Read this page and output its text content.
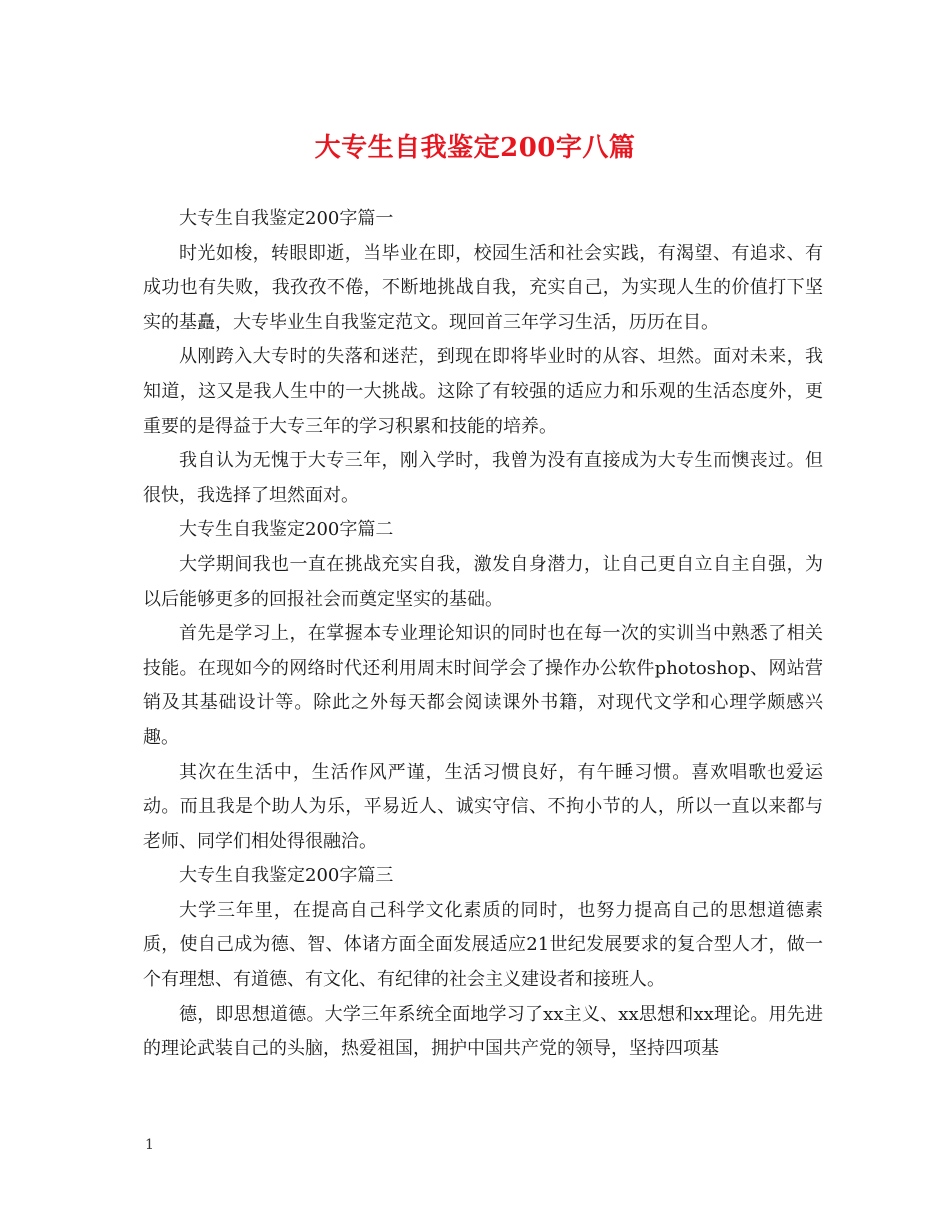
大专生自我鉴定200字八篇

大专生自我鉴定200字篇一

时光如梭，转眼即逝，当毕业在即，校园生活和社会实践，有渴望、有追求、有成功也有失败，我孜孜不倦，不断地挑战自我，充实自己，为实现人生的价值打下坚实的基矗，大专毕业生自我鉴定范文。现回首三年学习生活，历历在目。

从刚跨入大专时的失落和迷茫，到现在即将毕业时的从容、坦然。面对未来，我知道，这又是我人生中的一大挑战。这除了有较强的适应力和乐观的生活态度外，更重要的是得益于大专三年的学习积累和技能的培养。

我自认为无愧于大专三年，刚入学时，我曾为没有直接成为大专生而懊丧过。但很快，我选择了坦然面对。

大专生自我鉴定200字篇二

大学期间我也一直在挑战充实自我，激发自身潜力，让自己更自立自主自强，为以后能够更多的回报社会而奠定坚实的基础。

首先是学习上，在掌握本专业理论知识的同时也在每一次的实训当中熟悉了相关技能。在现如今的网络时代还利用周末时间学会了操作办公软件photoshop、网站营销及其基础设计等。除此之外每天都会阅读课外书籍，对现代文学和心理学颇感兴趣。

其次在生活中，生活作风严谨，生活习惯良好，有午睡习惯。喜欢唱歌也爱运动。而且我是个助人为乐，平易近人、诚实守信、不拘小节的人，所以一直以来都与老师、同学们相处得很融洽。

大专生自我鉴定200字篇三

大学三年里，在提高自己科学文化素质的同时，也努力提高自己的思想道德素质，使自己成为德、智、体诸方面全面发展适应21世纪发展要求的复合型人才，做一个有理想、有道德、有文化、有纪律的社会主义建设者和接班人。

德，即思想道德。大学三年系统全面地学习了xx主义、xx思想和xx理论。用先进的理论武装自己的头脑，热爱祖国，拥护中国共产党的领导，坚持四项基

1
